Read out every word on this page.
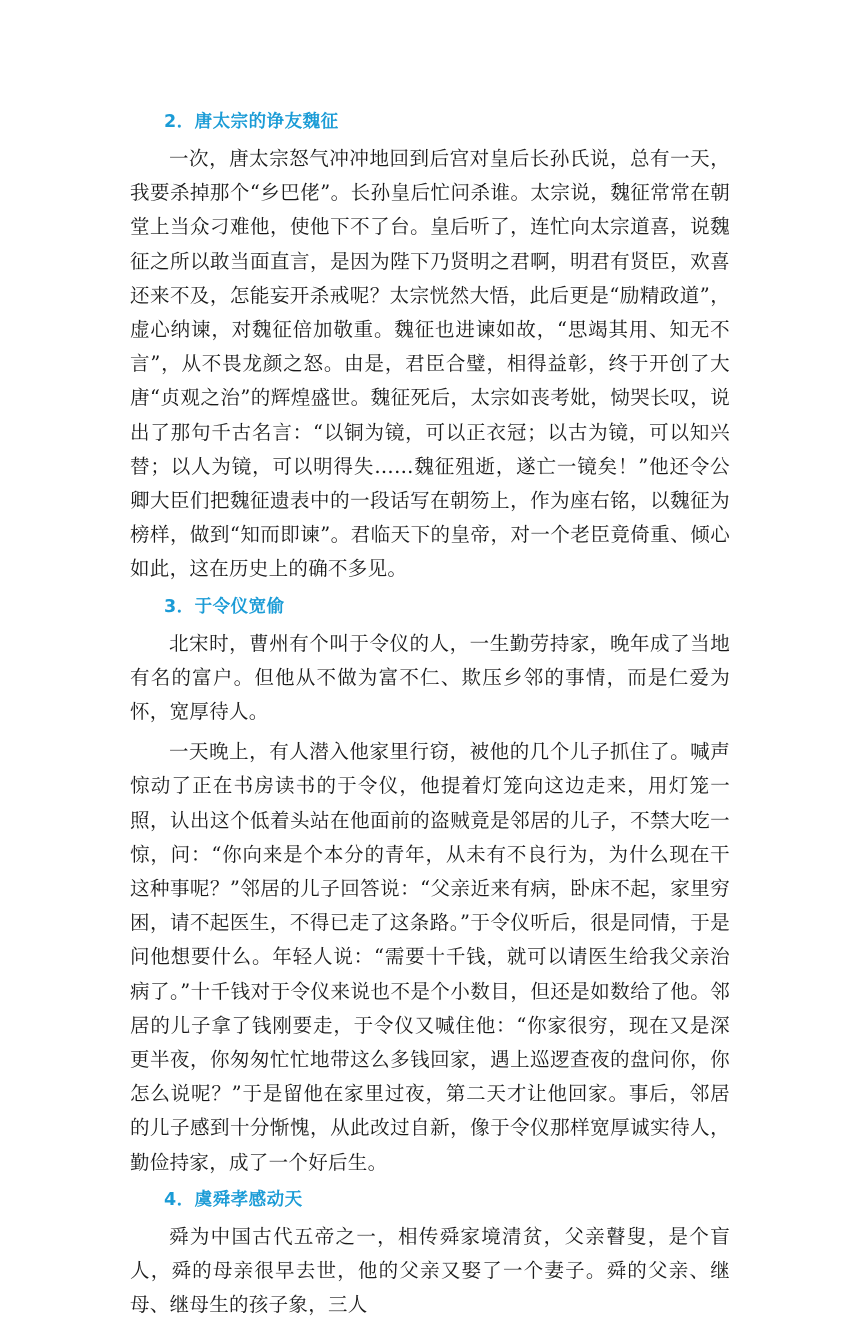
2．唐太宗的诤友魏征

一次，唐太宗怒气冲冲地回到后宫对皇后长孙氏说，总有一天，我要杀掉那个“乡巴佬”。长孙皇后忙问杀谁。太宗说，魏征常常在朝堂上当众刁难他，使他下不了台。皇后听了，连忙向太宗道喜，说魏征之所以敢当面直言，是因为陛下乃贤明之君啊，明君有贤臣，欢喜还来不及，怎能妄开杀戒呢？太宗恍然大悟，此后更是“励精政道”，虚心纳谏，对魏征倍加敬重。魏征也进谏如故，“思竭其用、知无不言”，从不畏龙颜之怒。由是，君臣合璧，相得益彰，终于开创了大唐“贞观之治”的辉煌盛世。魏征死后，太宗如丧考妣，恸哭长叹，说出了那句千古名言：“以铜为镜，可以正衣冠；以古为镜，可以知兴替；以人为镜，可以明得失……魏征殂逝，遂亡一镜矣！”他还令公卿大臣们把魏征遗表中的一段话写在朝笏上，作为座右铭，以魏征为榜样，做到“知而即谏”。君临天下的皇帝，对一个老臣竟倚重、倾心如此，这在历史上的确不多见。

3．于令仪宽偷

北宋时，曹州有个叫于令仪的人，一生勤劳持家，晚年成了当地有名的富户。但他从不做为富不仁、欺压乡邻的事情，而是仁爱为怀，宽厚待人。

一天晚上，有人潜入他家里行窃，被他的几个儿子抓住了。喊声惊动了正在书房读书的于令仪，他提着灯笼向这边走来，用灯笼一照，认出这个低着头站在他面前的盗贼竟是邻居的儿子，不禁大吃一惊，问：“你向来是个本分的青年，从未有不良行为，为什么现在干这种事呢？”邻居的儿子回答说：“父亲近来有病，卧床不起，家里穷困，请不起医生，不得已走了这条路。”于令仪听后，很是同情，于是问他想要什么。年轻人说：“需要十千钱，就可以请医生给我父亲治病了。”十千钱对于令仪来说也不是个小数目，但还是如数给了他。邻居的儿子拿了钱刚要走，于令仪又喊住他：“你家很穷，现在又是深更半夜，你匆匆忙忙地带这么多钱回家，遇上巡逻查夜的盘问你，你怎么说呢？”于是留他在家里过夜，第二天才让他回家。事后，邻居的儿子感到十分惭愧，从此改过自新，像于令仪那样宽厚诚实待人，勤俭持家，成了一个好后生。

4．虞舜孝感动天

舜为中国古代五帝之一，相传舜家境清贫，父亲瞽叟，是个盲人，舜的母亲很早去世，他的父亲又娶了一个妻子。舜的父亲、继母、继母生的孩子象，三人
